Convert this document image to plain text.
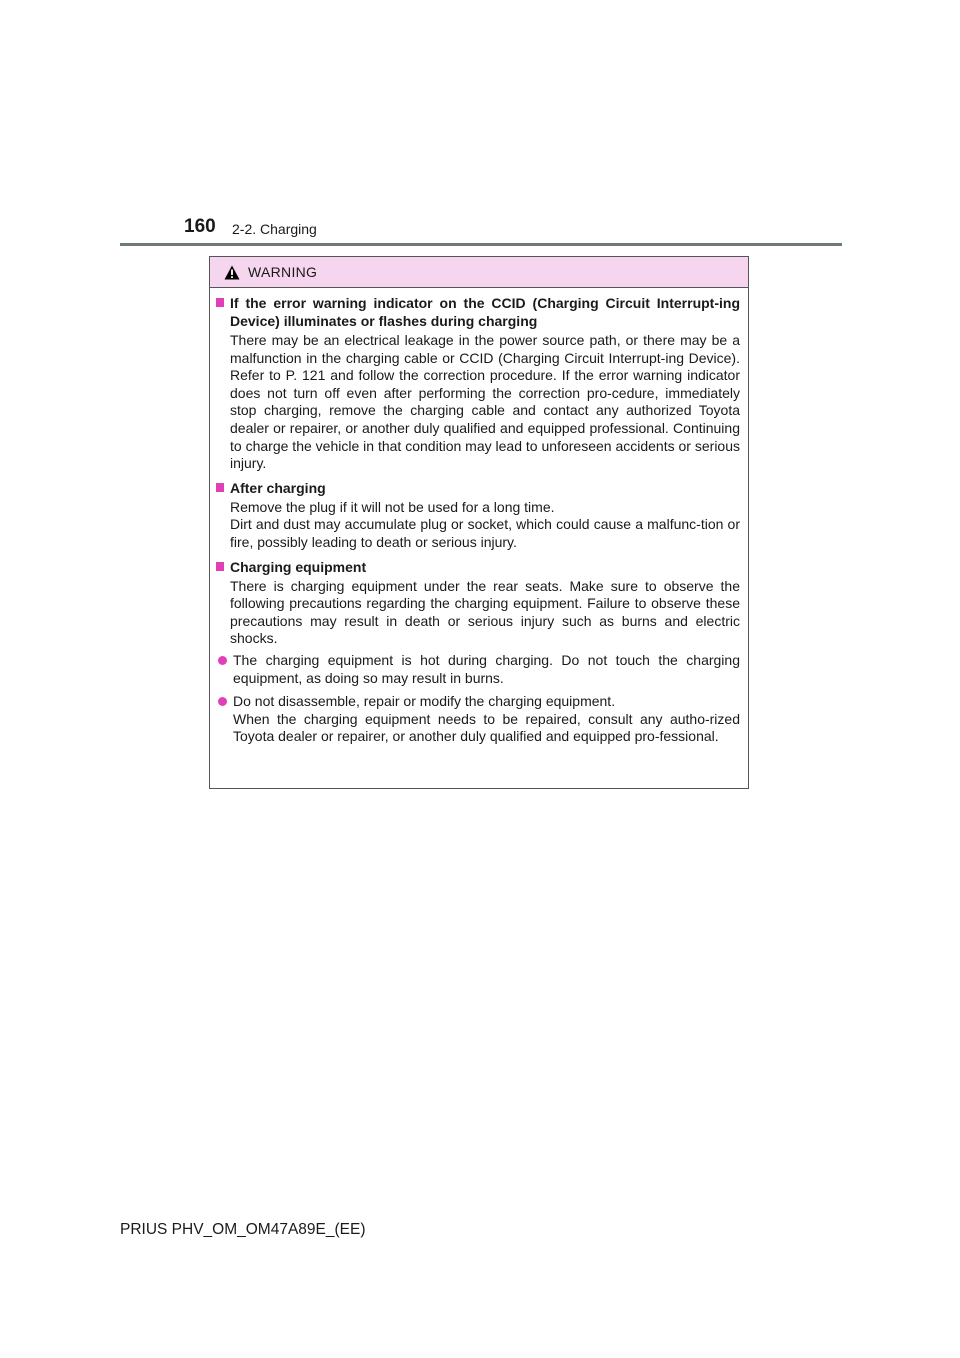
160 2-2. Charging
WARNING
If the error warning indicator on the CCID (Charging Circuit Interrupt-ing Device) illuminates or flashes during charging

There may be an electrical leakage in the power source path, or there may be a malfunction in the charging cable or CCID (Charging Circuit Interrupt-ing Device). Refer to P. 121 and follow the correction procedure. If the error warning indicator does not turn off even after performing the correction pro-cedure, immediately stop charging, remove the charging cable and contact any authorized Toyota dealer or repairer, or another duly qualified and equipped professional. Continuing to charge the vehicle in that condition may lead to unforeseen accidents or serious injury.

After charging

Remove the plug if it will not be used for a long time.

Dirt and dust may accumulate plug or socket, which could cause a malfunc-tion or fire, possibly leading to death or serious injury.

Charging equipment

There is charging equipment under the rear seats. Make sure to observe the following precautions regarding the charging equipment. Failure to observe these precautions may result in death or serious injury such as burns and electric shocks.

The charging equipment is hot during charging. Do not touch the charging equipment, as doing so may result in burns.
Do not disassemble, repair or modify the charging equipment.
When the charging equipment needs to be repaired, consult any autho-rized Toyota dealer or repairer, or another duly qualified and equipped pro-fessional.
PRIUS PHV_OM_OM47A89E_(EE)
